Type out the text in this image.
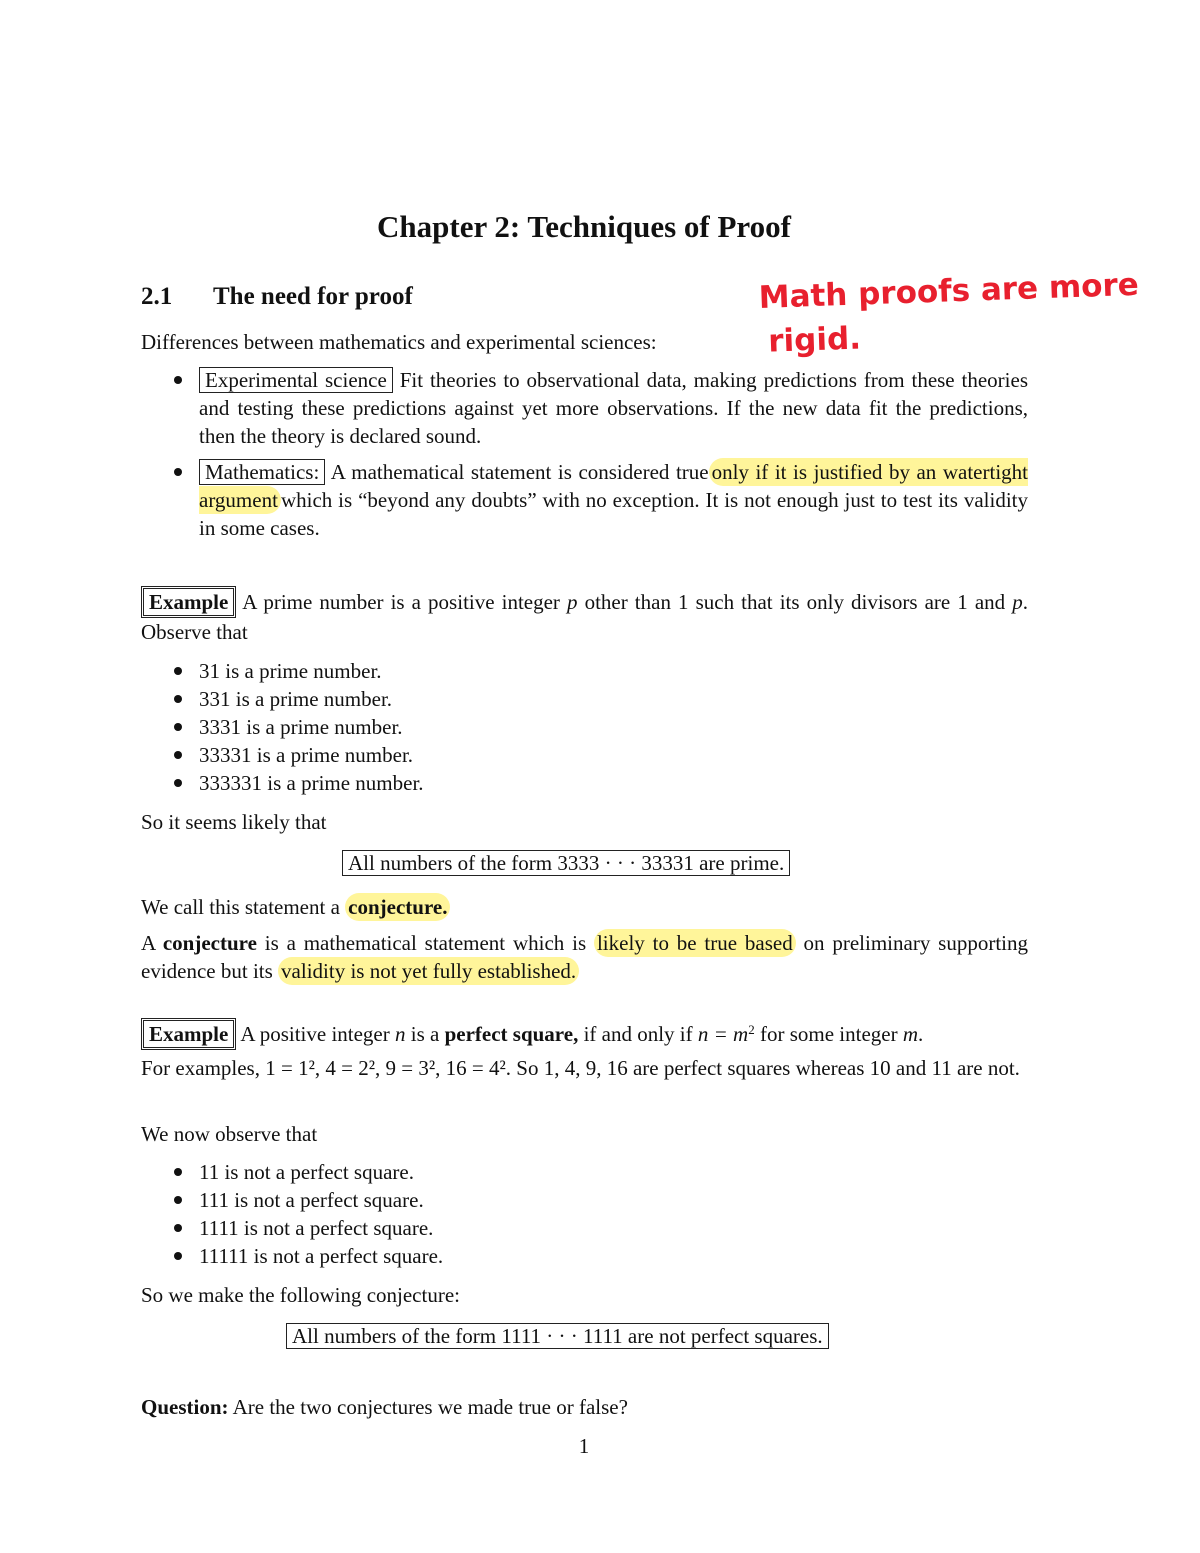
Chapter 2: Techniques of Proof
2.1 The need for proof	Math proofs are more
rigid.
Differences between mathematics and experimental sciences:
Experimental science Fit theories to observational data, making predictions from these theories and testing these predictions against yet more observations. If the new data fit the predictions, then the theory is declared sound.
Mathematics: A mathematical statement is considered true only if it is justified by an watertight argument which is “beyond any doubts” with no exception. It is not enough just to test its validity in some cases.
Example A prime number is a positive integer p other than 1 such that its only divisors are 1 and p. Observe that
31 is a prime number.
331 is a prime number.
3331 is a prime number.
33331 is a prime number.
333331 is a prime number.
So it seems likely that
All numbers of the form 3333 · · · 33331 are prime.
We call this statement a conjecture.
A conjecture is a mathematical statement which is likely to be true based on preliminary supporting evidence but its validity is not yet fully established.
Example A positive integer n is a perfect square, if and only if $n = m^2$ for some integer m.
For examples, 1 = 1², 4 = 2², 9 = 3², 16 = 4². So 1, 4, 9, 16 are perfect squares whereas 10 and 11 are not.
We now observe that
11 is not a perfect square.
111 is not a perfect square.
1111 is not a perfect square.
11111 is not a perfect square.
So we make the following conjecture:
All numbers of the form 1111 · · · 1111 are not perfect squares.
Question: Are the two conjectures we made true or false?
1
